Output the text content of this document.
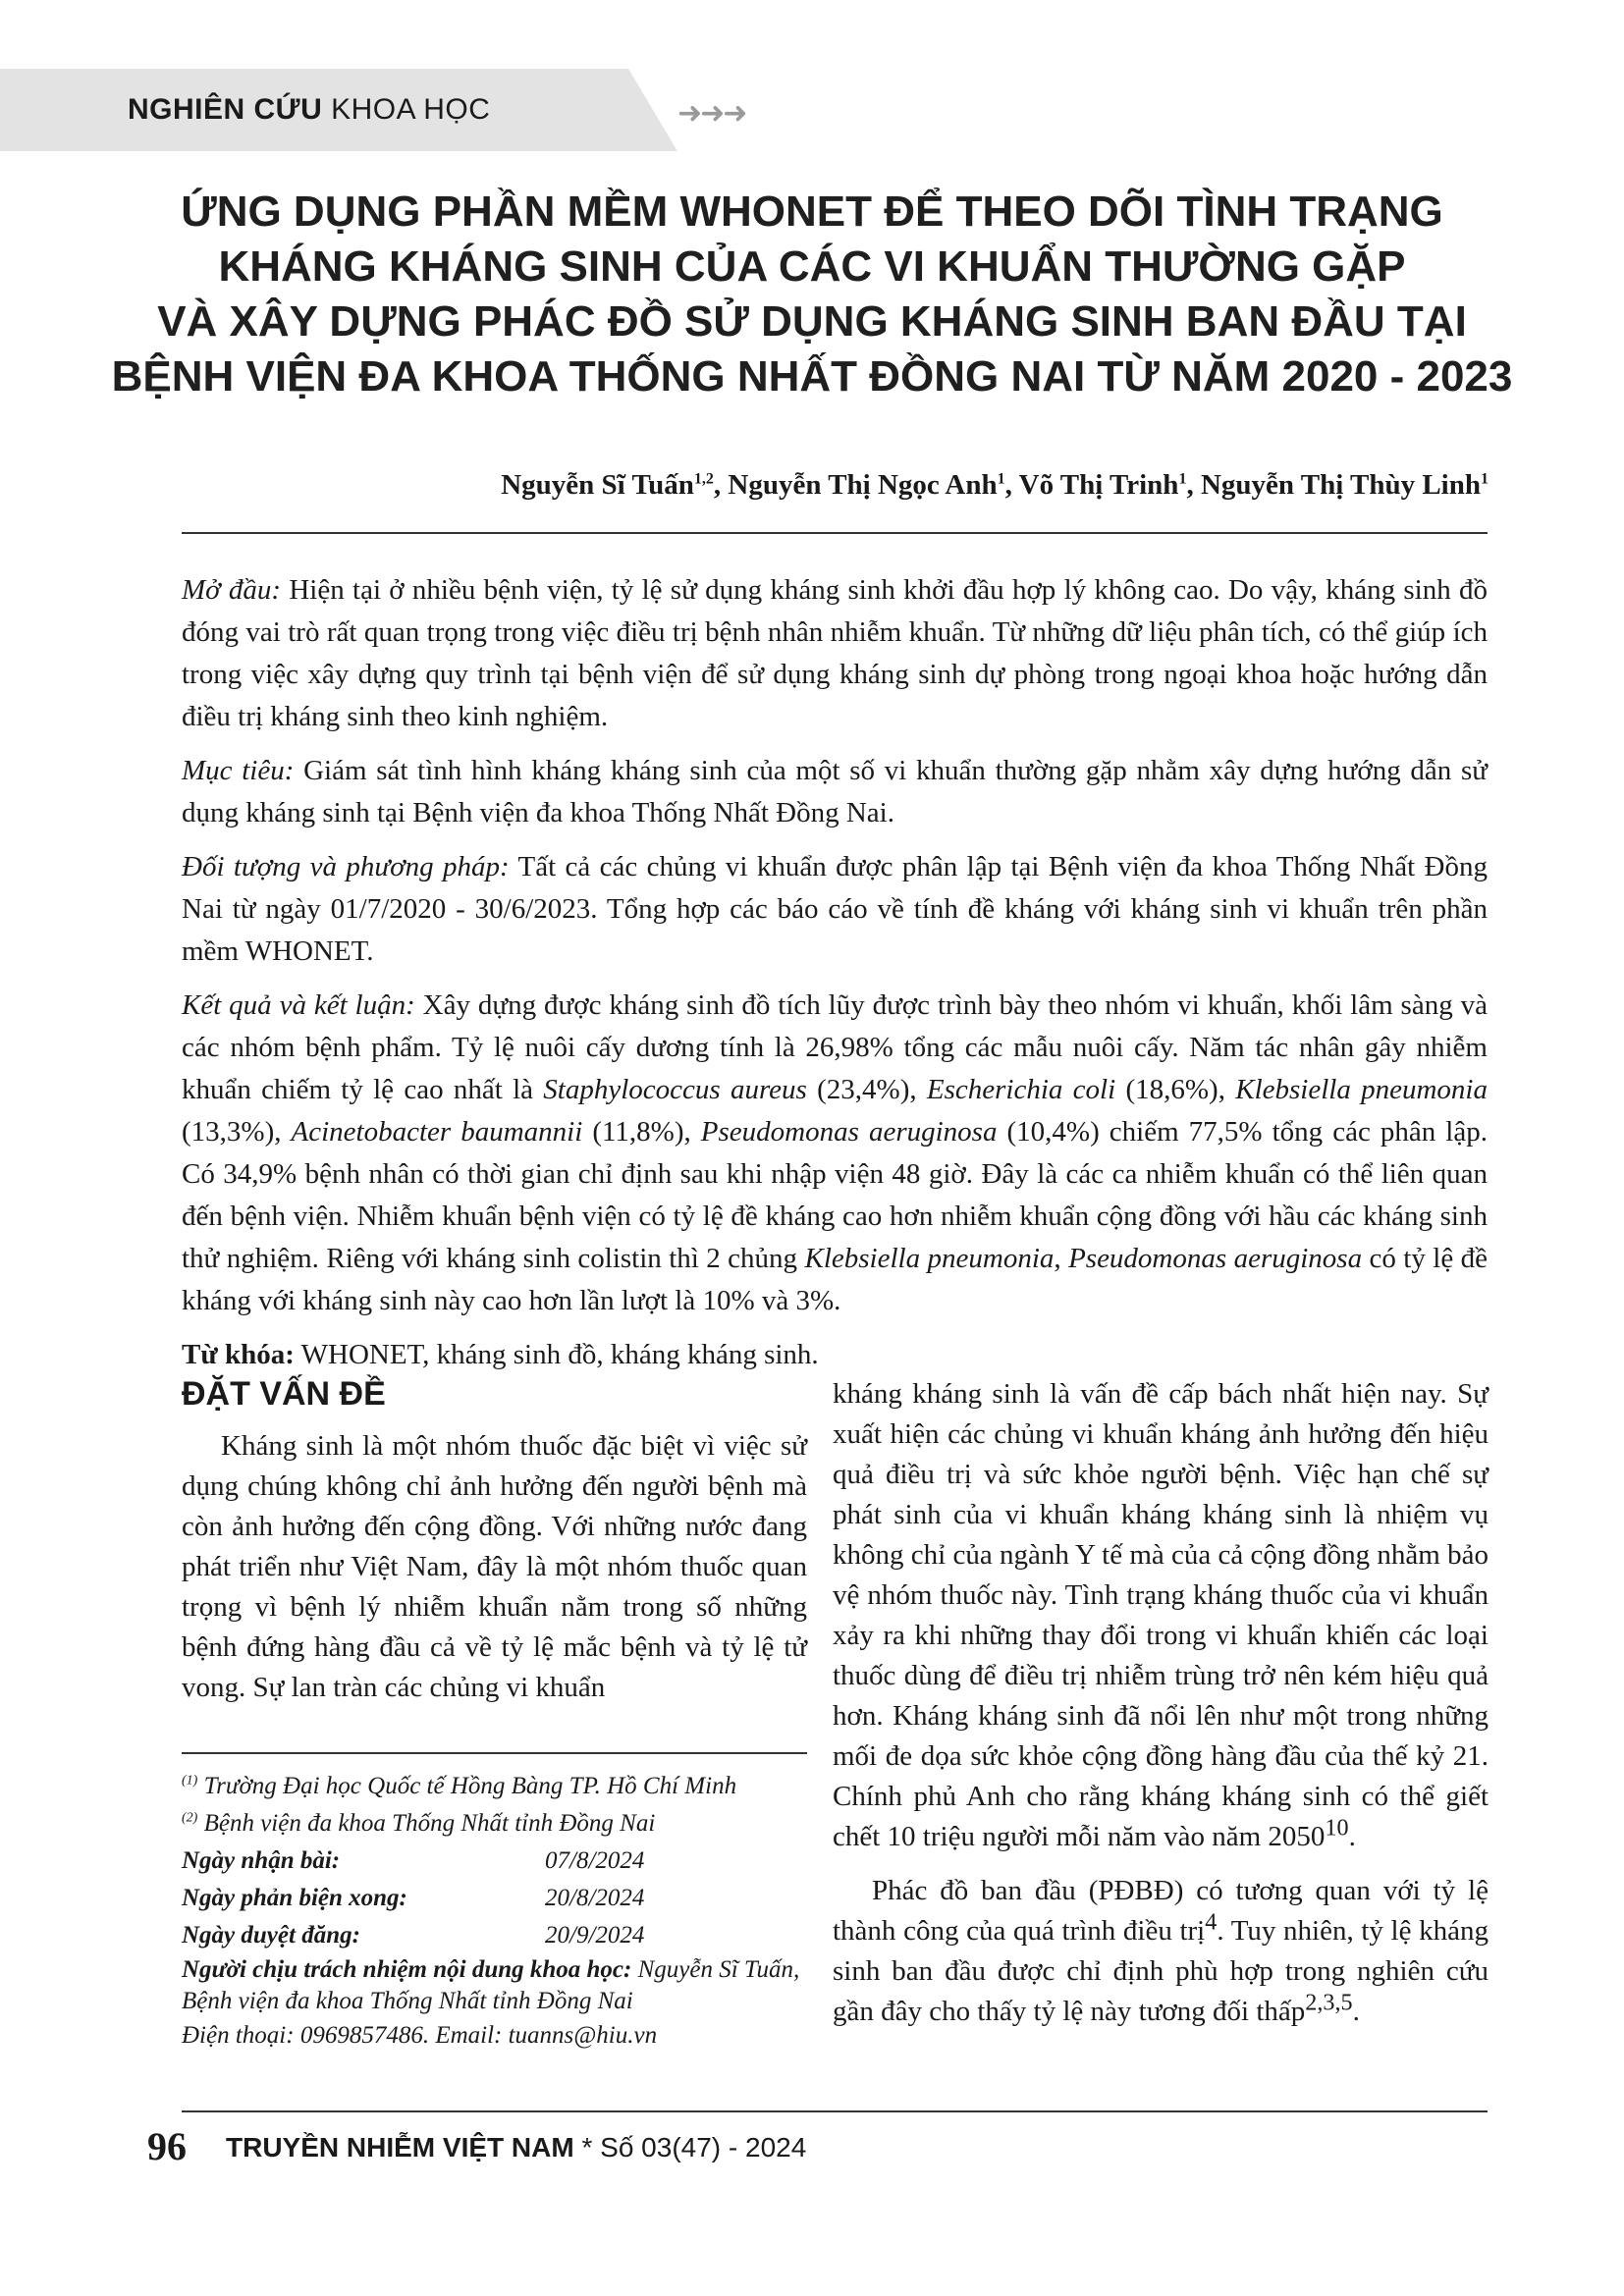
NGHIÊN CỨU KHOA HỌC	➜➜➜
ỨNG DỤNG PHẦN MỀM WHONET ĐỂ THEO DÕI TÌNH TRẠNG
KHÁNG KHÁNG SINH CỦA CÁC VI KHUẨN THƯỜNG GẶP
VÀ XÂY DỰNG PHÁC ĐỒ SỬ DỤNG KHÁNG SINH BAN ĐẦU TẠI
BỆNH VIỆN ĐA KHOA THỐNG NHẤT ĐỒNG NAI TỪ NĂM 2020 - 2023
Nguyễn Sĩ Tuấn$^{1,2}$, Nguyễn Thị Ngọc Anh$^1$, Võ Thị Trinh$^1$, Nguyễn Thị Thùy Linh$^1$

Mở đầu: Hiện tại ở nhiều bệnh viện, tỷ lệ sử dụng kháng sinh khởi đầu hợp lý không cao. Do vậy, kháng sinh đồ đóng vai trò rất quan trọng trong việc điều trị bệnh nhân nhiễm khuẩn. Từ những dữ liệu phân tích, có thể giúp ích trong việc xây dựng quy trình tại bệnh viện để sử dụng kháng sinh dự phòng trong ngoại khoa hoặc hướng dẫn điều trị kháng sinh theo kinh nghiệm.

Mục tiêu: Giám sát tình hình kháng kháng sinh của một số vi khuẩn thường gặp nhằm xây dựng hướng dẫn sử dụng kháng sinh tại Bệnh viện đa khoa Thống Nhất Đồng Nai.

Đối tượng và phương pháp: Tất cả các chủng vi khuẩn được phân lập tại Bệnh viện đa khoa Thống Nhất Đồng Nai từ ngày 01/7/2020 - 30/6/2023. Tổng hợp các báo cáo về tính đề kháng với kháng sinh vi khuẩn trên phần mềm WHONET.

Kết quả và kết luận: Xây dựng được kháng sinh đồ tích lũy được trình bày theo nhóm vi khuẩn, khối lâm sàng và các nhóm bệnh phẩm. Tỷ lệ nuôi cấy dương tính là 26,98% tổng các mẫu nuôi cấy. Năm tác nhân gây nhiễm khuẩn chiếm tỷ lệ cao nhất là Staphylococcus aureus (23,4%), Escherichia coli (18,6%), Klebsiella pneumonia (13,3%), Acinetobacter baumannii (11,8%), Pseudomonas aeruginosa (10,4%) chiếm 77,5% tổng các phân lập. Có 34,9% bệnh nhân có thời gian chỉ định sau khi nhập viện 48 giờ. Đây là các ca nhiễm khuẩn có thể liên quan đến bệnh viện. Nhiễm khuẩn bệnh viện có tỷ lệ đề kháng cao hơn nhiễm khuẩn cộng đồng với hầu các kháng sinh thử nghiệm. Riêng với kháng sinh colistin thì 2 chủng Klebsiella pneumonia, Pseudomonas aeruginosa có tỷ lệ đề kháng với kháng sinh này cao hơn lần lượt là 10% và 3%.

Từ khóa: WHONET, kháng sinh đồ, kháng kháng sinh.

ĐẶT VẤN ĐỀ

Kháng sinh là một nhóm thuốc đặc biệt vì việc sử dụng chúng không chỉ ảnh hưởng đến người bệnh mà còn ảnh hưởng đến cộng đồng. Với những nước đang phát triển như Việt Nam, đây là một nhóm thuốc quan trọng vì bệnh lý nhiễm khuẩn nằm trong số những bệnh đứng hàng đầu cả về tỷ lệ mắc bệnh và tỷ lệ tử vong. Sự lan tràn các chủng vi khuẩn

kháng kháng sinh là vấn đề cấp bách nhất hiện nay. Sự xuất hiện các chủng vi khuẩn kháng ảnh hưởng đến hiệu quả điều trị và sức khỏe người bệnh. Việc hạn chế sự phát sinh của vi khuẩn kháng kháng sinh là nhiệm vụ không chỉ của ngành Y tế mà của cả cộng đồng nhằm bảo vệ nhóm thuốc này. Tình trạng kháng thuốc của vi khuẩn xảy ra khi những thay đổi trong vi khuẩn khiến các loại thuốc dùng để điều trị nhiễm trùng trở nên kém hiệu quả hơn. Kháng kháng sinh đã nổi lên như một trong những mối đe dọa sức khỏe cộng đồng hàng đầu của thế kỷ 21. Chính phủ Anh cho rằng kháng kháng sinh có thể giết chết 10 triệu người mỗi năm vào năm 2050$^{10}$.

Phác đồ ban đầu (PĐBĐ) có tương quan với tỷ lệ thành công của quá trình điều trị$^4$. Tuy nhiên, tỷ lệ kháng sinh ban đầu được chỉ định phù hợp trong nghiên cứu gần đây cho thấy tỷ lệ này tương đối thấp$^{2,3,5}$.

$^{(1)}$ Trường Đại học Quốc tế Hồng Bàng TP. Hồ Chí Minh
$^{(2)}$ Bệnh viện đa khoa Thống Nhất tỉnh Đồng Nai
Ngày nhận bài:	07/8/2024
Ngày phản biện xong:	20/8/2024
Ngày duyệt đăng:	20/9/2024
Người chịu trách nhiệm nội dung khoa học: Nguyễn Sĩ Tuấn, Bệnh viện đa khoa Thống Nhất tỉnh Đồng Nai
Điện thoại: 0969857486. Email: tuanns@hiu.vn
96 TRUYỀN NHIỄM VIỆT NAM * Số 03(47) - 2024
